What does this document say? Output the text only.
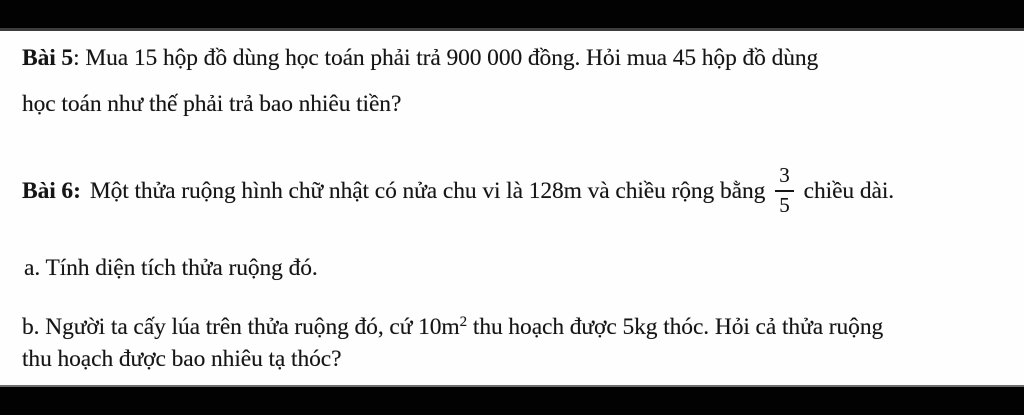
Bài 5: Mua 15 hộp đồ dùng học toán phải trả 900 000 đồng. Hỏi mua 45 hộp đồ dùng
học toán như thế phải trả bao nhiêu tiền?
Bài 6: Một thửa ruộng hình chữ nhật có nửa chu vi là 128m và chiều rộng bằng $\frac{3}{5}$ chiều dài.
a. Tính diện tích thửa ruộng đó.
b. Người ta cấy lúa trên thửa ruộng đó, cứ $10m^2$ thu hoạch được 5kg thóc. Hỏi cả thửa ruộng
thu hoạch được bao nhiêu tạ thóc?
